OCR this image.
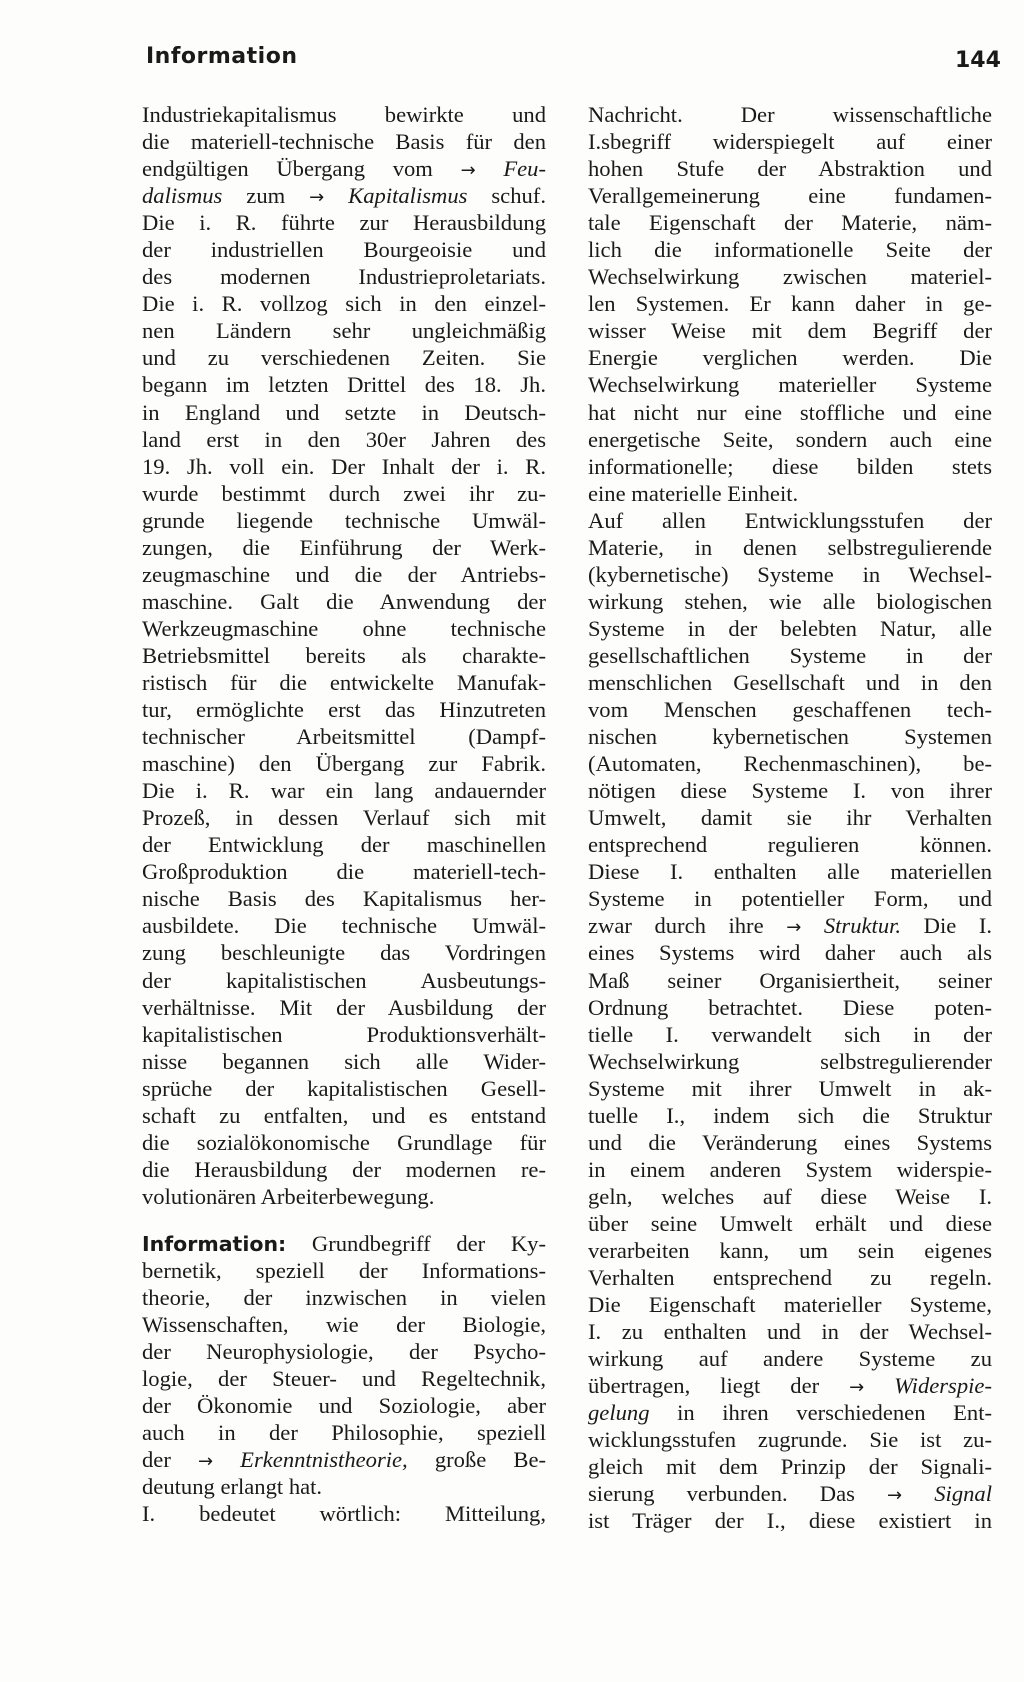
Information	144
Industriekapitalismus bewirkte und
die materiell-technische Basis für den
endgültigen Übergang vom → Feu-
dalismus zum → Kapitalismus schuf.
Die i. R. führte zur Herausbildung
der industriellen Bourgeoisie und
des modernen Industrieproletariats.
Die i. R. vollzog sich in den einzel-
nen Ländern sehr ungleichmäßig
und zu verschiedenen Zeiten. Sie
begann im letzten Drittel des 18. Jh.
in England und setzte in Deutsch-
land erst in den 30er Jahren des
19. Jh. voll ein. Der Inhalt der i. R.
wurde bestimmt durch zwei ihr zu-
grunde liegende technische Umwäl-
zungen, die Einführung der Werk-
zeugmaschine und die der Antriebs-
maschine. Galt die Anwendung der
Werkzeugmaschine ohne technische
Betriebsmittel bereits als charakte-
ristisch für die entwickelte Manufak-
tur, ermöglichte erst das Hinzutreten
technischer Arbeitsmittel (Dampf-
maschine) den Übergang zur Fabrik.
Die i. R. war ein lang andauernder
Prozeß, in dessen Verlauf sich mit
der Entwicklung der maschinellen
Großproduktion die materiell-tech-
nische Basis des Kapitalismus her-
ausbildete. Die technische Umwäl-
zung beschleunigte das Vordringen
der kapitalistischen Ausbeutungs-
verhältnisse. Mit der Ausbildung der
kapitalistischen Produktionsverhält-
nisse begannen sich alle Wider-
sprüche der kapitalistischen Gesell-
schaft zu entfalten, und es entstand
die sozialökonomische Grundlage für
die Herausbildung der modernen re-
volutionären Arbeiterbewegung.
Information: Grundbegriff der Ky-
bernetik, speziell der Informations-
theorie, der inzwischen in vielen
Wissenschaften, wie der Biologie,
der Neurophysiologie, der Psycho-
logie, der Steuer- und Regeltechnik,
der Ökonomie und Soziologie, aber
auch in der Philosophie, speziell
der → Erkenntnistheorie, große Be-
deutung erlangt hat.
I. bedeutet wörtlich: Mitteilung,
Nachricht. Der wissenschaftliche
I.sbegriff widerspiegelt auf einer
hohen Stufe der Abstraktion und
Verallgemeinerung eine fundamen-
tale Eigenschaft der Materie, näm-
lich die informationelle Seite der
Wechselwirkung zwischen materiel-
len Systemen. Er kann daher in ge-
wisser Weise mit dem Begriff der
Energie verglichen werden. Die
Wechselwirkung materieller Systeme
hat nicht nur eine stoffliche und eine
energetische Seite, sondern auch eine
informationelle; diese bilden stets
eine materielle Einheit.
Auf allen Entwicklungsstufen der
Materie, in denen selbstregulierende
(kybernetische) Systeme in Wechsel-
wirkung stehen, wie alle biologischen
Systeme in der belebten Natur, alle
gesellschaftlichen Systeme in der
menschlichen Gesellschaft und in den
vom Menschen geschaffenen tech-
nischen kybernetischen Systemen
(Automaten, Rechenmaschinen), be-
nötigen diese Systeme I. von ihrer
Umwelt, damit sie ihr Verhalten
entsprechend regulieren können.
Diese I. enthalten alle materiellen
Systeme in potentieller Form, und
zwar durch ihre → Struktur. Die I.
eines Systems wird daher auch als
Maß seiner Organisiertheit, seiner
Ordnung betrachtet. Diese poten-
tielle I. verwandelt sich in der
Wechselwirkung selbstregulierender
Systeme mit ihrer Umwelt in ak-
tuelle I., indem sich die Struktur
und die Veränderung eines Systems
in einem anderen System widerspie-
geln, welches auf diese Weise I.
über seine Umwelt erhält und diese
verarbeiten kann, um sein eigenes
Verhalten entsprechend zu regeln.
Die Eigenschaft materieller Systeme,
I. zu enthalten und in der Wechsel-
wirkung auf andere Systeme zu
übertragen, liegt der → Widerspie-
gelung in ihren verschiedenen Ent-
wicklungsstufen zugrunde. Sie ist zu-
gleich mit dem Prinzip der Signali-
sierung verbunden. Das → Signal
ist Träger der I., diese existiert in
